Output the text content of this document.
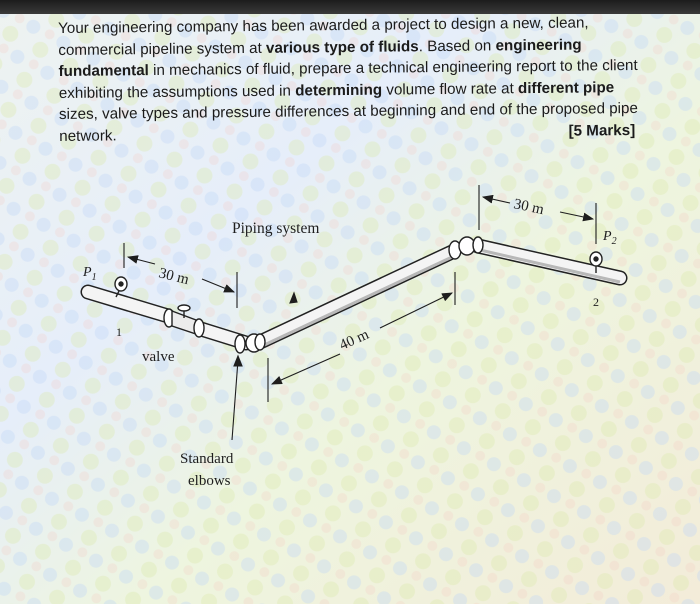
Your engineering company has been awarded a project to design a new, clean, commercial pipeline system at various type of fluids. Based on engineering fundamental in mechanics of fluid, prepare a technical engineering report to the client exhibiting the assumptions used in determining volume flow rate at different pipe sizes, valve types and pressure differences at beginning and end of the proposed pipe network.	[5 Marks]

Piping system
$P_1$
1
$P_2$
2
30 m
40 m
30 m
valve
Standard
elbows
